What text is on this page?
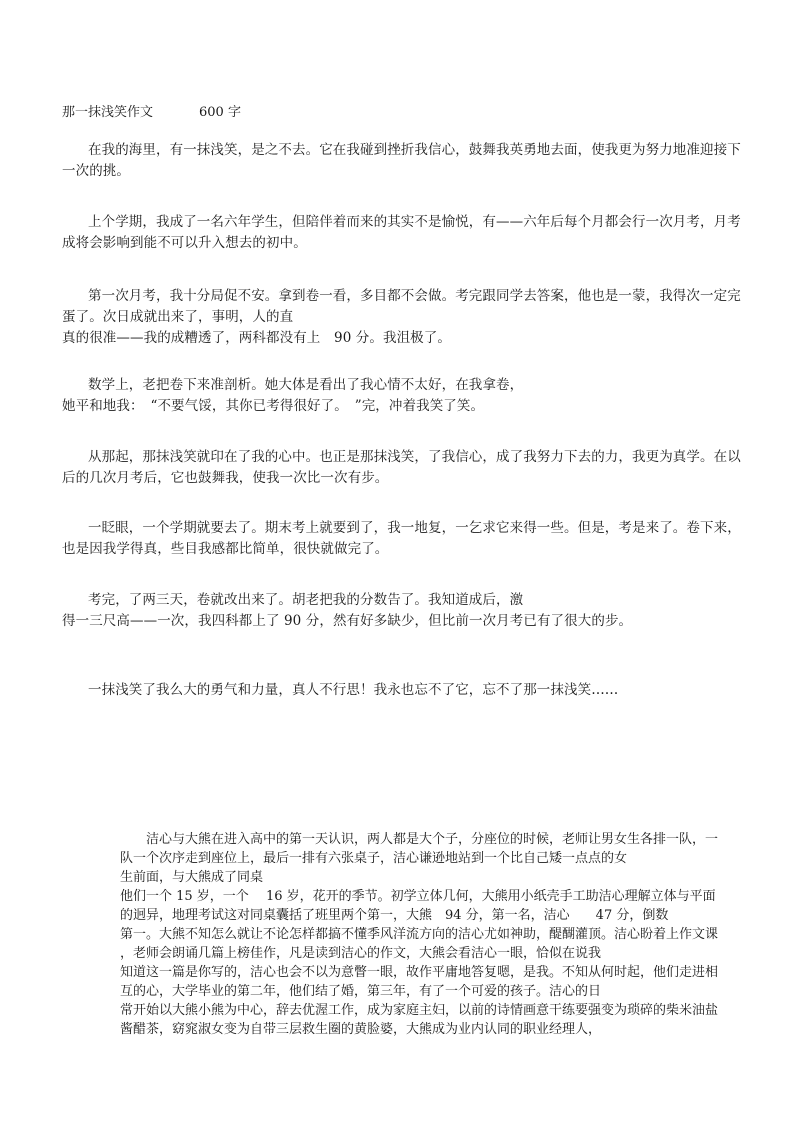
那一抹浅笑作文	600 字
在我的海里，有一抹浅笑，是之不去。它在我碰到挫折我信心，鼓舞我英勇地去面，使我更为努力地准迎接下
一次的挑。
上个学期，我成了一名六年学生，但陪伴着而来的其实不是愉悦，有——六年后每个月都会行一次月考，月考
成将会影响到能不可以升入想去的初中。
第一次月考，我十分局促不安。拿到卷一看，多目都不会做。考完跟同学去答案，他也是一蒙，我得次一定完
蛋了。次日成就出来了，事明，人的直
真的很准——我的成糟透了，两科都没有上　90 分。我沮极了。
数学上，老把卷下来准剖析。她大体是看出了我心情不太好，在我拿卷，
她平和地我：　“不要气馁，其你已考得很好了。　”完，冲着我笑了笑。
从那起，那抹浅笑就印在了我的心中。也正是那抹浅笑，了我信心，成了我努力下去的力，我更为真学。在以
后的几次月考后，它也鼓舞我，使我一次比一次有步。
一眨眼，一个学期就要去了。期末考上就要到了，我一地复，一乞求它来得一些。但是，考是来了。卷下来，
也是因我学得真，些目我感都比简单，很快就做完了。
考完，了两三天，卷就改出来了。胡老把我的分数告了。我知道成后，激
得一三尺高——一次，我四科都上了 90 分，然有好多缺少，但比前一次月考已有了很大的步。
一抹浅笑了我么大的勇气和力量，真人不行思！我永也忘不了它，忘不了那一抹浅笑……
洁心与大熊在进入高中的第一天认识，两人都是大个子，分座位的时候，老师让男女生各排一队，一
队一个次序走到座位上，最后一排有六张桌子，洁心谦逊地站到一个比自己矮一点点的女
生前面，与大熊成了同桌
他们一个 15 岁，一个　 16 岁，花开的季节。初学立体几何，大熊用小纸壳手工助洁心理解立体与平面
的迥异，地理考试这对同桌囊括了班里两个第一，大熊　94 分，第一名，洁心　　47 分，倒数
第一。大熊不知怎么就让不论怎样都搞不懂季风洋流方向的洁心尤如神助，醍醐灌顶。洁心盼着上作文课
，老师会朗诵几篇上榜佳作，凡是读到洁心的作文，大熊会看洁心一眼，恰似在说我
知道这一篇是你写的，洁心也会不以为意瞥一眼，故作平庸地答复嗯，是我。不知从何时起，他们走进相
互的心，大学毕业的第二年，他们结了婚，第三年，有了一个可爱的孩子。洁心的日
常开始以大熊小熊为中心，辞去优渥工作，成为家庭主妇，以前的诗情画意干练要强变为琐碎的柴米油盐
酱醋茶，窈窕淑女变为自带三层救生圈的黄脸婆，大熊成为业内认同的职业经理人，
